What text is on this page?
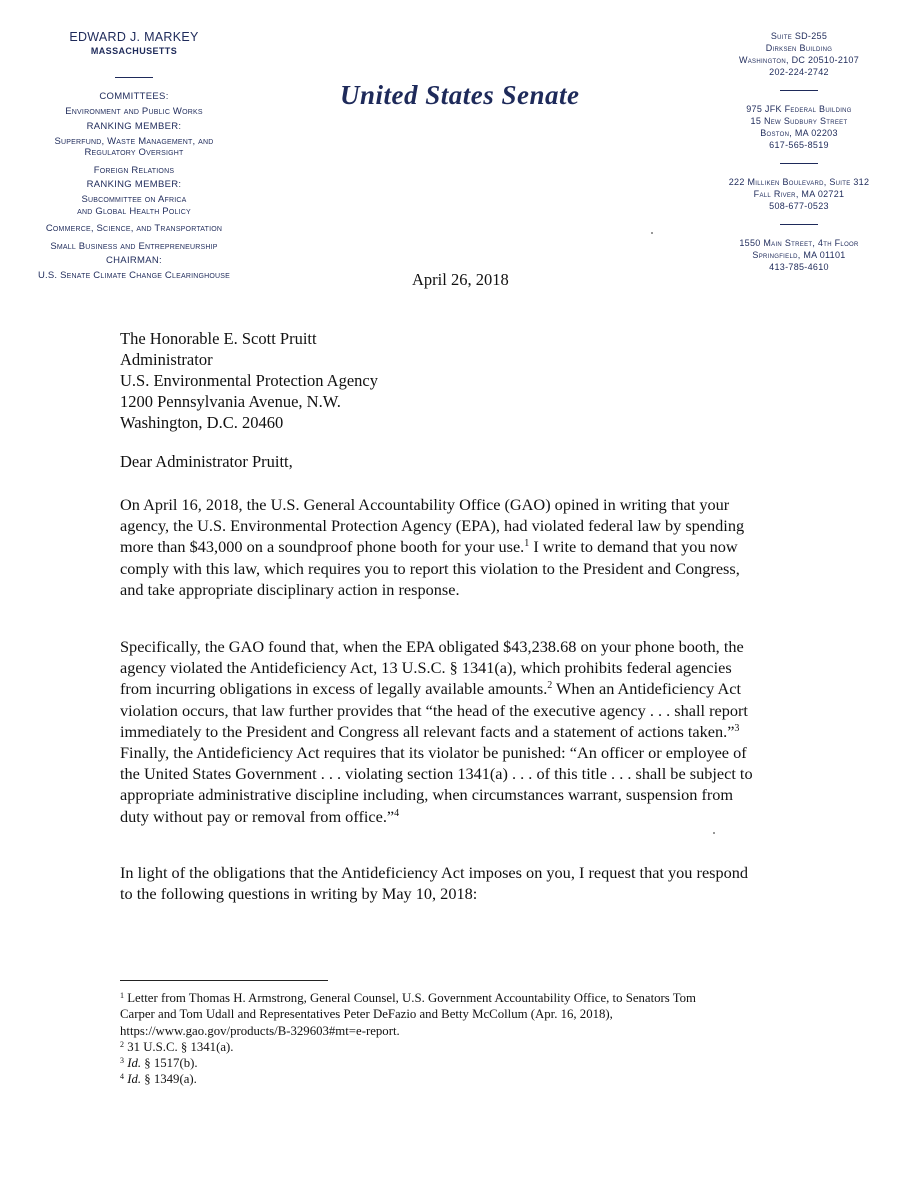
EDWARD J. MARKEY
MASSACHUSETTS
COMMITTEES:
Environment and Public Works
RANKING MEMBER:
Superfund, Waste Management, and
Regulatory Oversight
Foreign Relations
RANKING MEMBER:
Subcommittee on Africa
and Global Health Policy
Commerce, Science, and Transportation
Small Business and Entrepreneurship
CHAIRMAN:
U.S. Senate Climate Change Clearinghouse
United States Senate
Suite SD-255
Dirksen Building
Washington, DC 20510-2107
202-224-2742
975 JFK Federal Building
15 New Sudbury Street
Boston, MA 02203
617-565-8519
222 Milliken Boulevard, Suite 312
Fall River, MA 02721
508-677-0523
1550 Main Street, 4th Floor
Springfield, MA 01101
413-785-4610
April 26, 2018
The Honorable E. Scott Pruitt
Administrator
U.S. Environmental Protection Agency
1200 Pennsylvania Avenue, N.W.
Washington, D.C. 20460
Dear Administrator Pruitt,
On April 16, 2018, the U.S. General Accountability Office (GAO) opined in writing that your
agency, the U.S. Environmental Protection Agency (EPA), had violated federal law by spending
more than $43,000 on a soundproof phone booth for your use.$^1$ I write to demand that you now
comply with this law, which requires you to report this violation to the President and Congress,
and take appropriate disciplinary action in response.
Specifically, the GAO found that, when the EPA obligated $43,238.68 on your phone booth, the
agency violated the Antideficiency Act, 13 U.S.C. § 1341(a), which prohibits federal agencies
from incurring obligations in excess of legally available amounts.$^2$ When an Antideficiency Act
violation occurs, that law further provides that “the head of the executive agency . . . shall report
immediately to the President and Congress all relevant facts and a statement of actions taken.”$^3$
Finally, the Antideficiency Act requires that its violator be punished: “An officer or employee of
the United States Government . . . violating section 1341(a) . . . of this title . . . shall be subject to
appropriate administrative discipline including, when circumstances warrant, suspension from
duty without pay or removal from office.”$^4$
In light of the obligations that the Antideficiency Act imposes on you, I request that you respond
to the following questions in writing by May 10, 2018:
$^1$ Letter from Thomas H. Armstrong, General Counsel, U.S. Government Accountability Office, to Senators Tom
Carper and Tom Udall and Representatives Peter DeFazio and Betty McCollum (Apr. 16, 2018),
https://www.gao.gov/products/B-329603#mt=e-report.
$^2$ 31 U.S.C. § 1341(a).
$^3$ Id. § 1517(b).
$^4$ Id. § 1349(a).
